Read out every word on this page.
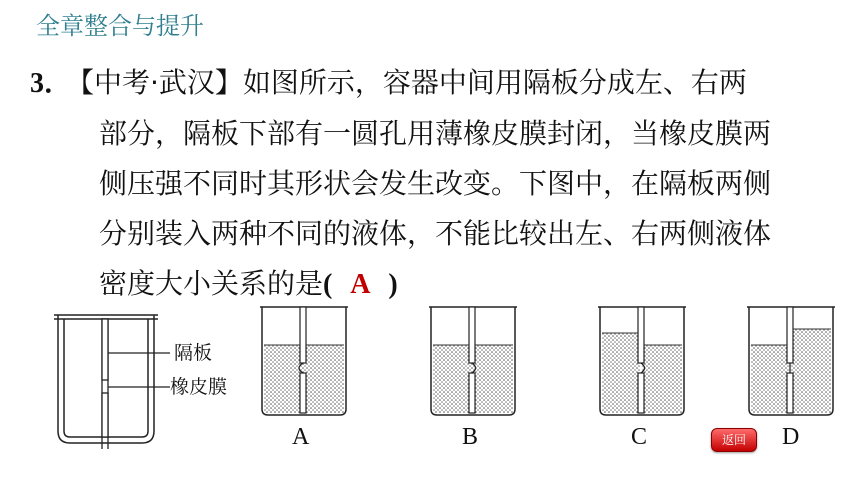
全章整合与提升
3．【中考·武汉】如图所示，容器中间用隔板分成左、右两
部分，隔板下部有一圆孔用薄橡皮膜封闭，当橡皮膜两
侧压强不同时其形状会发生改变。下图中，在隔板两侧
分别装入两种不同的液体，不能比较出左、右两侧液体
密度大小关系的是( A )
隔板
橡皮膜
A	B	C	D
返回
